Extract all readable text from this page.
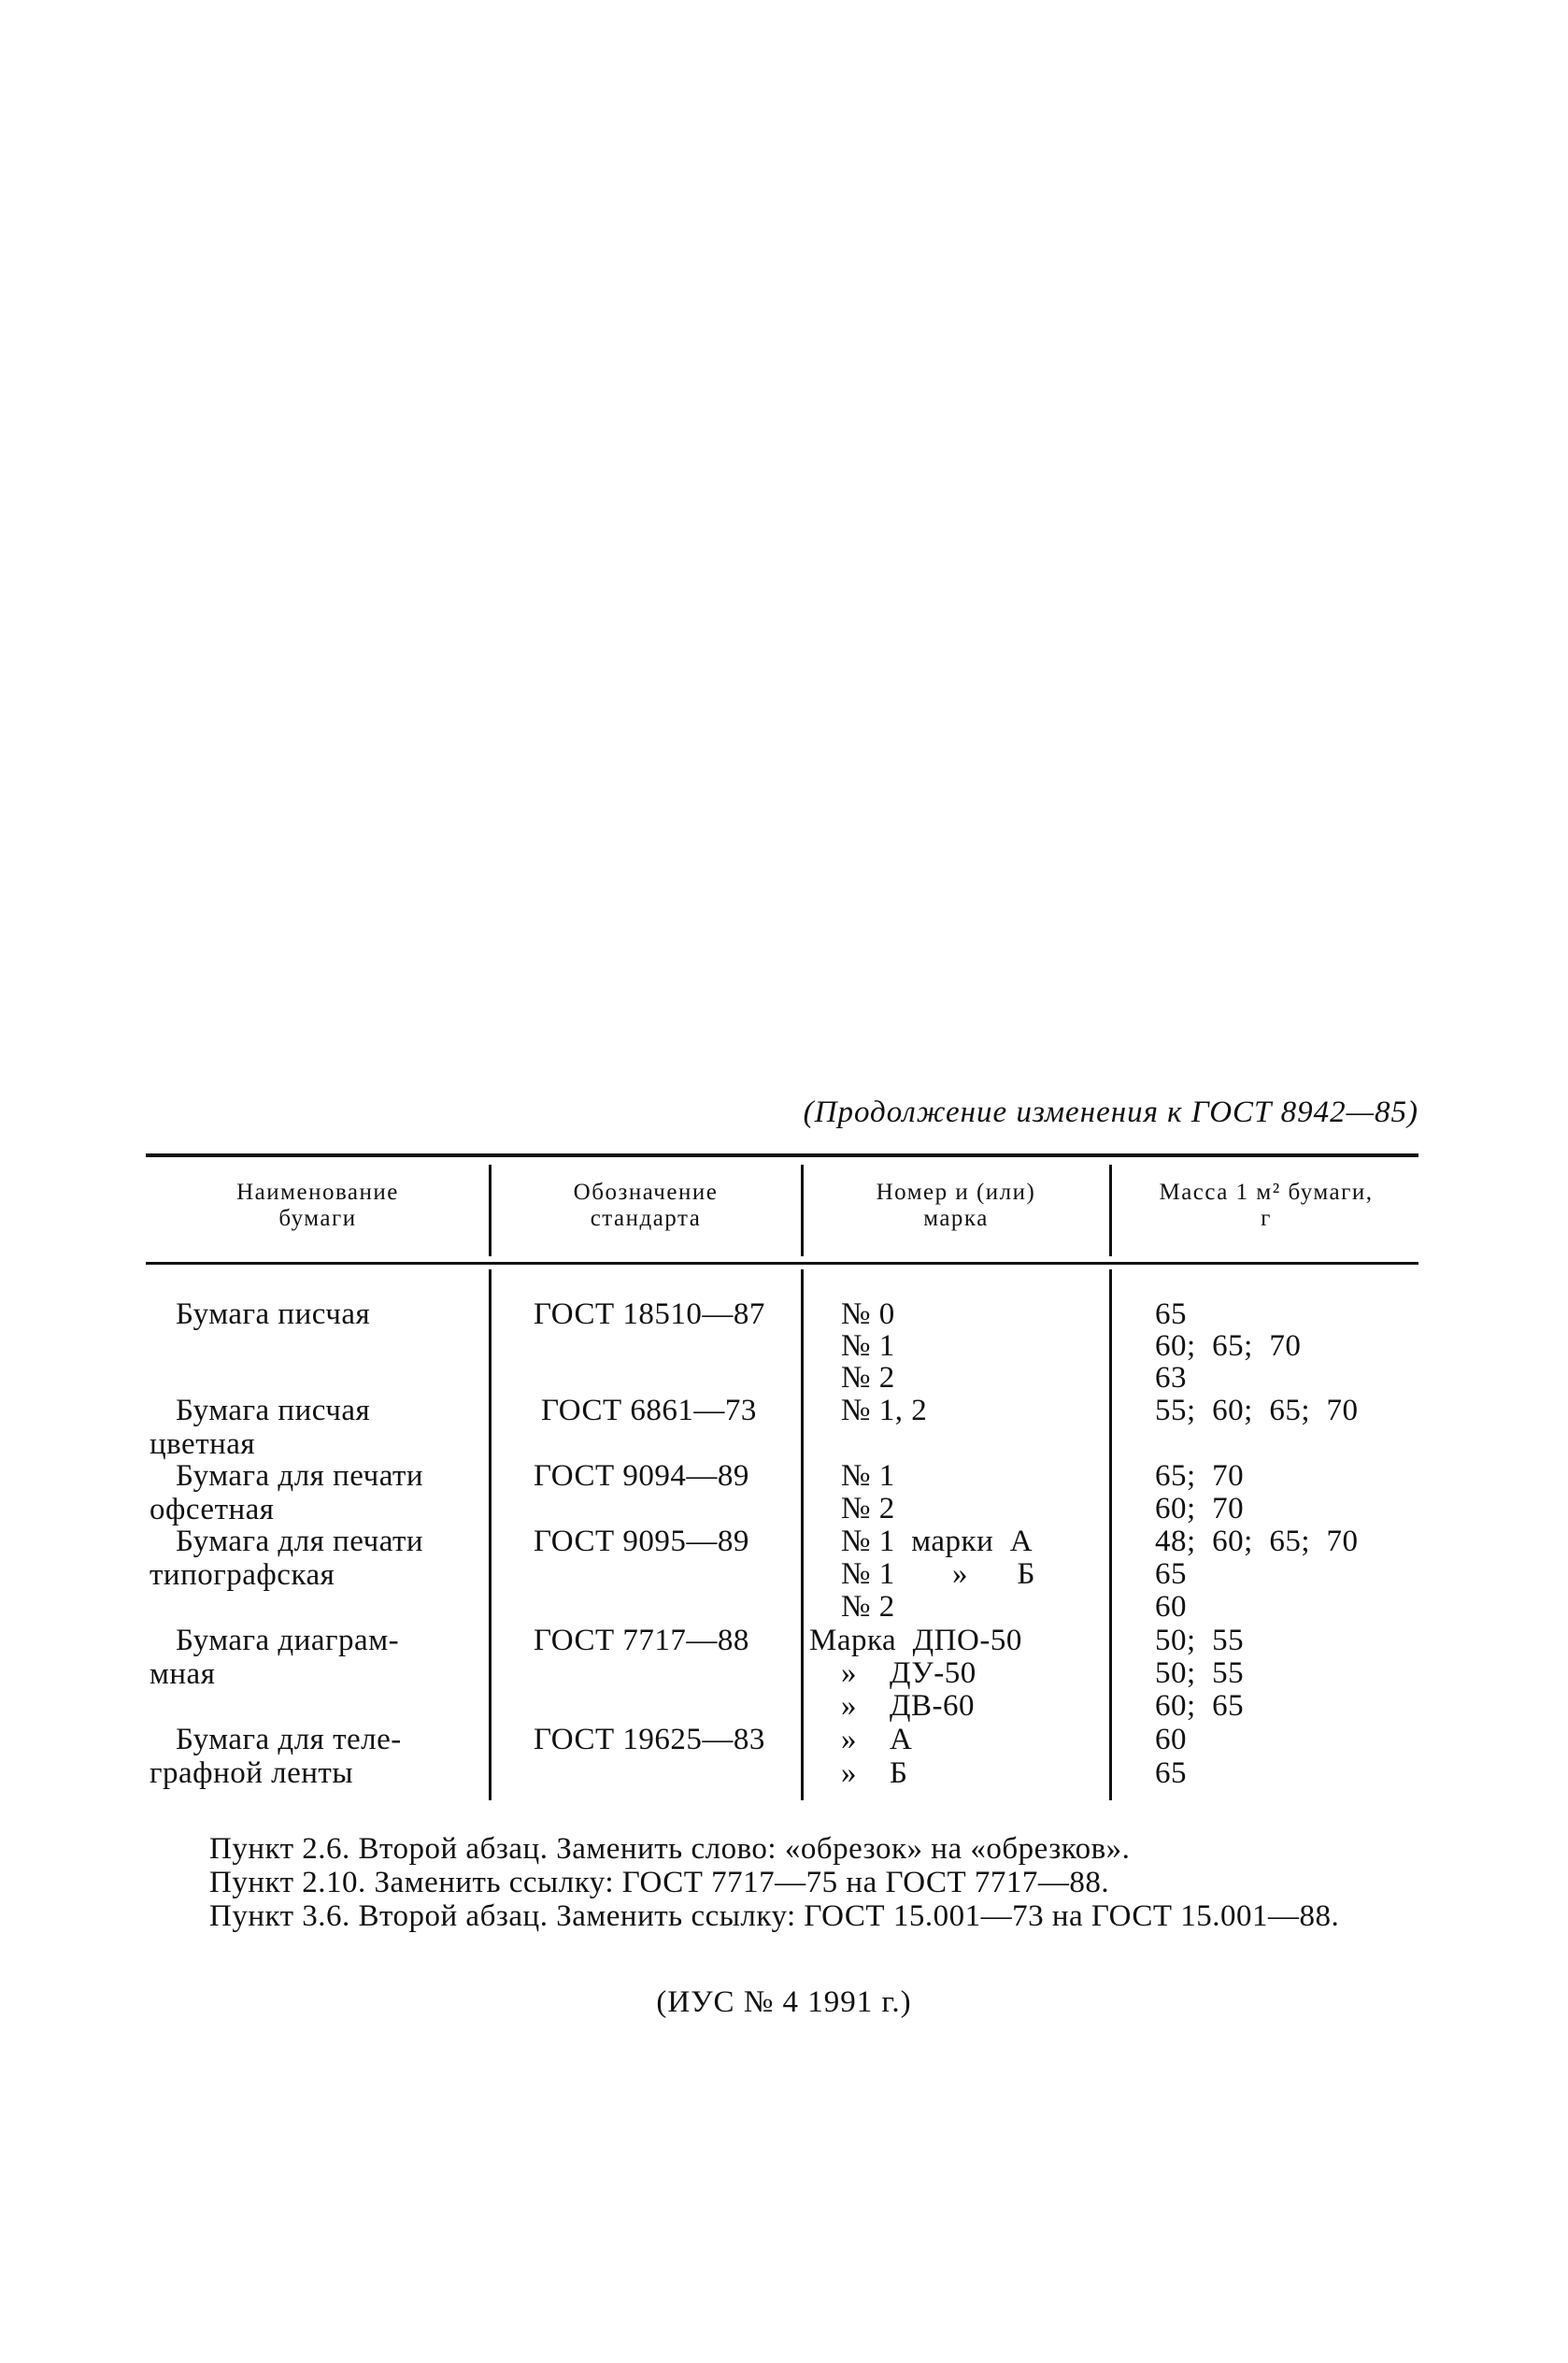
(Продолжение изменения к ГОСТ 8942—85)
Наименование
бумаги
Обозначение
стандарта
Номер и (или)
марка
Масса 1 м² бумаги,
г
Бумага писчая
Бумага писчая
цветная
Бумага для печати
офсетная
Бумага для печати
типографская
Бумага диаграм-
мная
Бумага для теле-
графной ленты
ГОСТ 18510—87
ГОСТ 6861—73
ГОСТ 9094—89
ГОСТ 9095—89
ГОСТ 7717—88
ГОСТ 19625—83
№ 0
№ 1
№ 2
№ 1, 2
№ 1
№ 2
№ 1  марки  А
№ 1       »      Б
№ 2
Марка  ДПО-50
»    ДУ-50
»    ДВ-60
»    А
»    Б
65
60;  65;  70
63
55;  60;  65;  70
65;  70
60;  70
48;  60;  65;  70
65
60
50;  55
50;  55
60;  65
60
65
Пункт 2.6. Второй абзац. Заменить слово: «обрезок» на «обрезков».
Пункт 2.10. Заменить ссылку: ГОСТ 7717—75 на ГОСТ 7717—88.
Пункт 3.6. Второй абзац. Заменить ссылку: ГОСТ 15.001—73 на ГОСТ 15.001—88.
(ИУС № 4 1991 г.)
